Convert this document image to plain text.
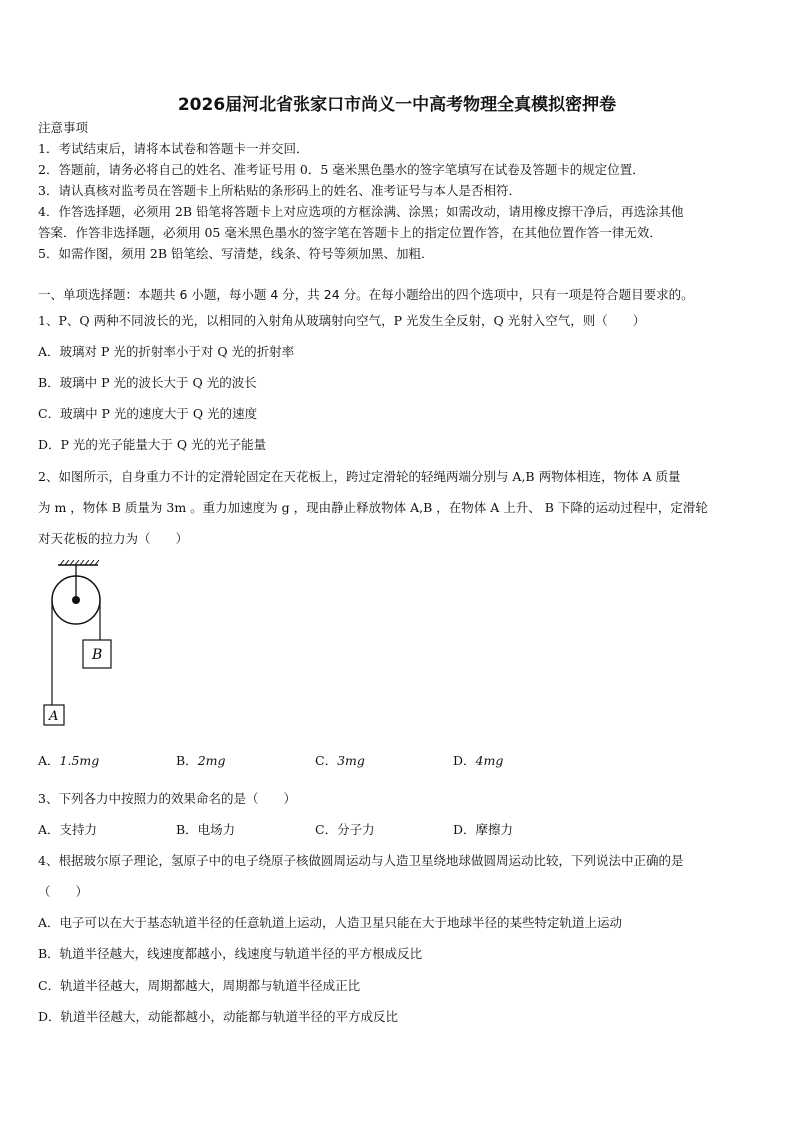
2026届河北省张家口市尚义一中高考物理全真模拟密押卷
注意事项
1．考试结束后，请将本试卷和答题卡一并交回．
2．答题前，请务必将自己的姓名、准考证号用 0．5 毫米黑色墨水的签字笔填写在试卷及答题卡的规定位置．
3．请认真核对监考员在答题卡上所粘贴的条形码上的姓名、准考证号与本人是否相符．
4．作答选择题，必须用 2B 铅笔将答题卡上对应选项的方框涂满、涂黑；如需改动，请用橡皮擦干净后，再选涂其他
答案．作答非选择题，必须用 05 毫米黑色墨水的签字笔在答题卡上的指定位置作答，在其他位置作答一律无效．
5．如需作图，须用 2B 铅笔绘、写清楚，线条、符号等须加黑、加粗．
一、单项选择题：本题共 6 小题，每小题 4 分，共 24 分。在每小题给出的四个选项中，只有一项是符合题目要求的。
1、P、Q 两种不同波长的光，以相同的入射角从玻璃射向空气，P 光发生全反射，Q 光射入空气，则（　　）
A．玻璃对 P 光的折射率小于对 Q 光的折射率
B．玻璃中 P 光的波长大于 Q 光的波长
C．玻璃中 P 光的速度大于 Q 光的速度
D．P 光的光子能量大于 Q 光的光子能量
2、如图所示，自身重力不计的定滑轮固定在天花板上，跨过定滑轮的轻绳两端分别与 A,B 两物体相连，物体 A 质量
为 m ，物体 B 质量为 3m 。重力加速度为 g ，现由静止释放物体 A,B ，在物体 A 上升、 B 下降的运动过程中，定滑轮
对天花板的拉力为（　　）
B
A
A．1.5mg	B．2mg	C．3mg	D．4mg
3、下列各力中按照力的效果命名的是（　　）
A．支持力	B．电场力	C．分子力	D．摩擦力
4、根据玻尔原子理论，氢原子中的电子绕原子核做圆周运动与人造卫星绕地球做圆周运动比较，下列说法中正确的是
（　　）
A．电子可以在大于基态轨道半径的任意轨道上运动，人造卫星只能在大于地球半径的某些特定轨道上运动
B．轨道半径越大，线速度都越小，线速度与轨道半径的平方根成反比
C．轨道半径越大，周期都越大，周期都与轨道半径成正比
D．轨道半径越大，动能都越小，动能都与轨道半径的平方成反比
